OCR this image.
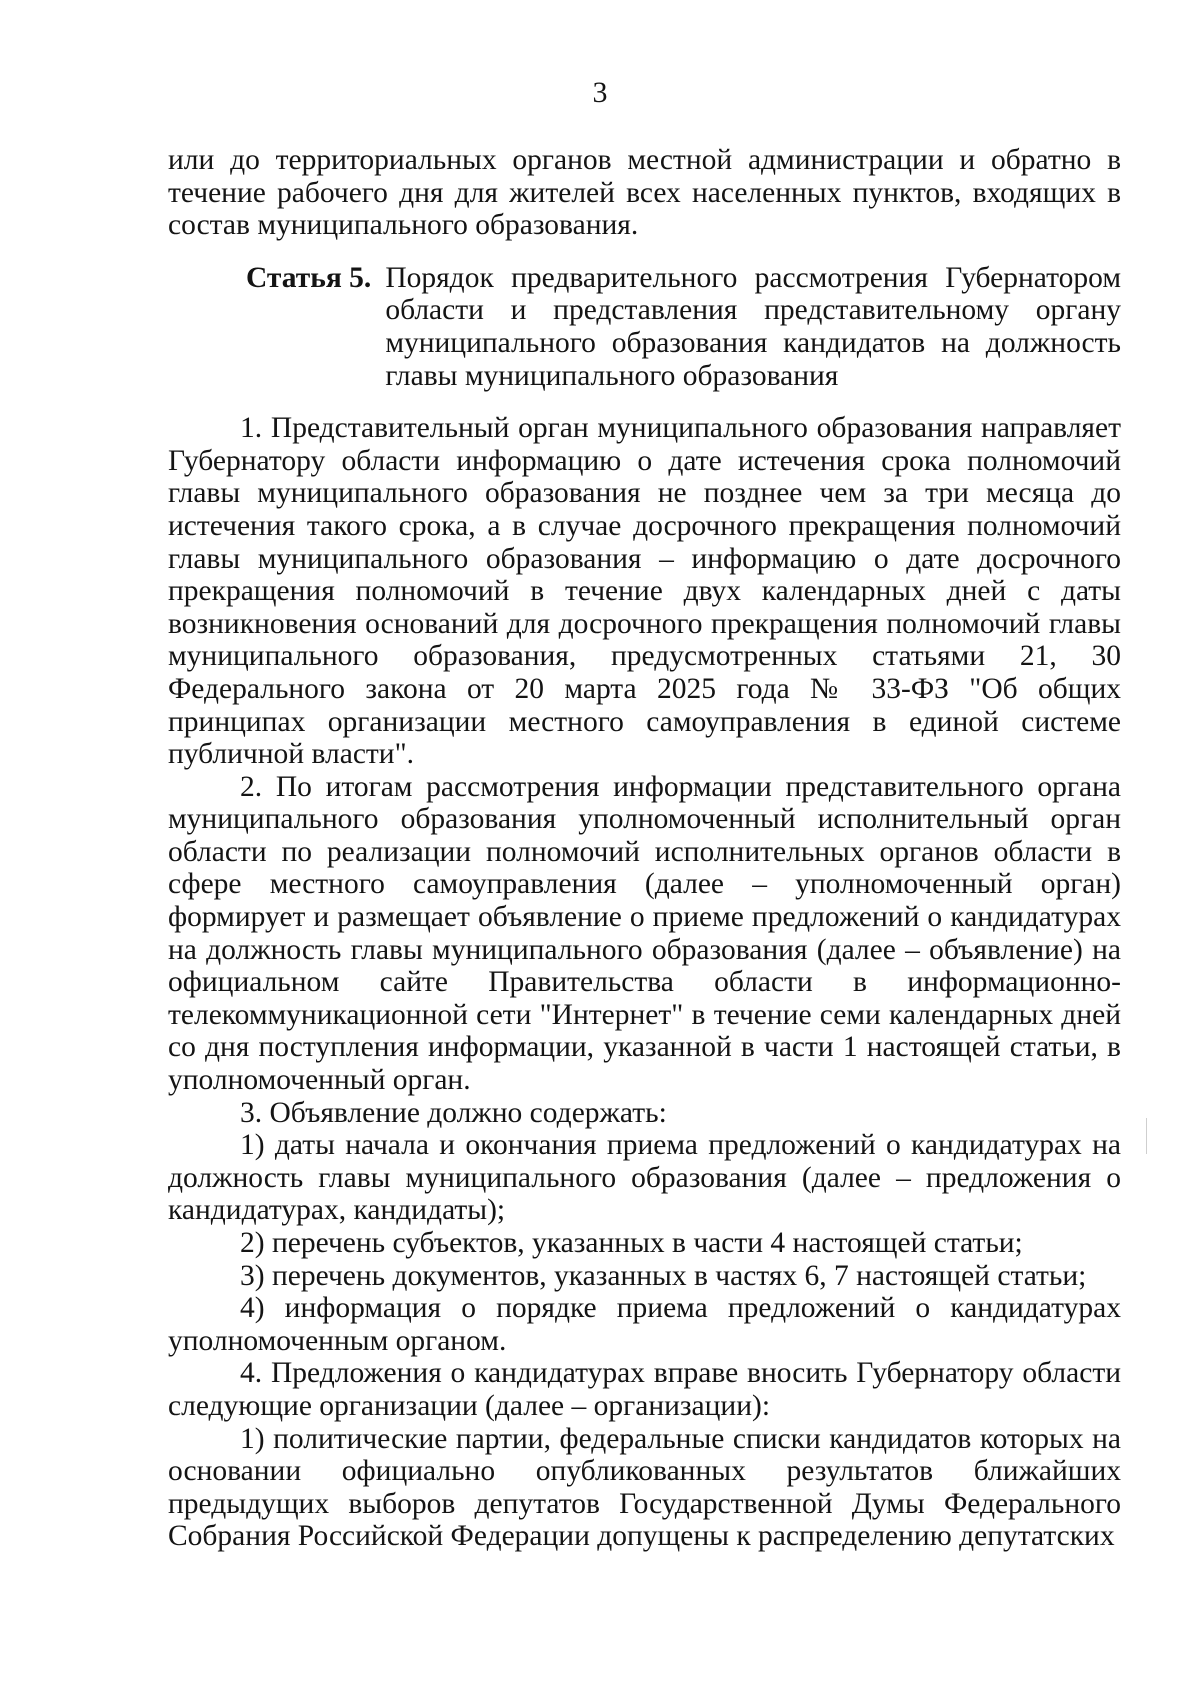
3

или до территориальных органов местной администрации и обратно в течение рабочего дня для жителей всех населенных пунктов, входящих в состав муниципального образования.

Статья 5. Порядок предварительного рассмотрения Губернатором области и представления представительному органу муниципального образования кандидатов на должность главы муниципального образования

1. Представительный орган муниципального образования направляет Губернатору области информацию о дате истечения срока полномочий главы муниципального образования не позднее чем за три месяца до истечения такого срока, а в случае досрочного прекращения полномочий главы муниципального образования – информацию о дате досрочного прекращения полномочий в течение двух календарных дней с даты возникновения оснований для досрочного прекращения полномочий главы муниципального образования, предусмотренных статьями 21, 30 Федерального закона от 20 марта 2025 года № 33-ФЗ "Об общих принципах организации местного самоуправления в единой системе публичной власти".

2. По итогам рассмотрения информации представительного органа муниципального образования уполномоченный исполнительный орган области по реализации полномочий исполнительных органов области в сфере местного самоуправления (далее – уполномоченный орган) формирует и размещает объявление о приеме предложений о кандидатурах на должность главы муниципального образования (далее – объявление) на официальном сайте Правительства области в информационно-телекоммуникационной сети "Интернет" в течение семи календарных дней со дня поступления информации, указанной в части 1 настоящей статьи, в уполномоченный орган.

3. Объявление должно содержать:

1) даты начала и окончания приема предложений о кандидатурах на должность главы муниципального образования (далее – предложения о кандидатурах, кандидаты);

2) перечень субъектов, указанных в части 4 настоящей статьи;

3) перечень документов, указанных в частях 6, 7 настоящей статьи;

4) информация о порядке приема предложений о кандидатурах уполномоченным органом.

4. Предложения о кандидатурах вправе вносить Губернатору области следующие организации (далее – организации):

1) политические партии, федеральные списки кандидатов которых на основании официально опубликованных результатов ближайших предыдущих выборов депутатов Государственной Думы Федерального Собрания Российской Федерации допущены к распределению депутатских
